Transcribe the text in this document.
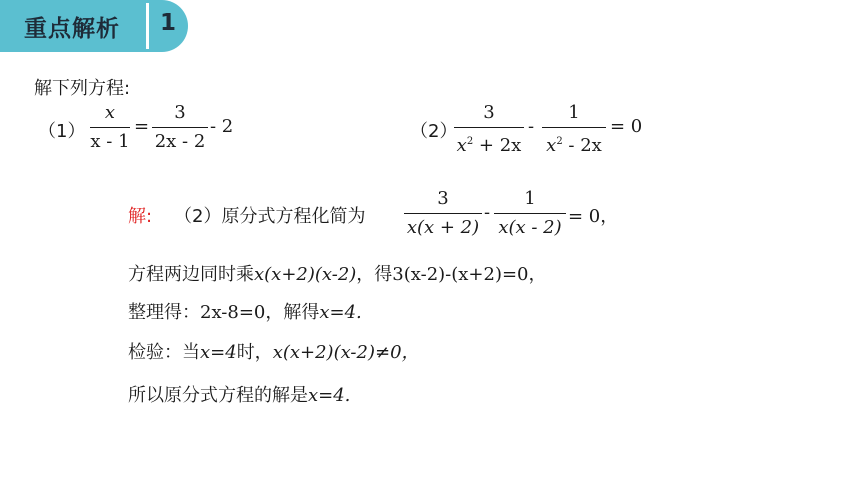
重点解析 1
解下列方程:
（1）
x
x - 1
=
3
2x - 2
- 2	（2）
3
$x^2 + 2x$
-
1
$x^2 - 2x$
= 0
解: （2）原分式方程化简为
3
x(x + 2)
-
1
x(x - 2)
= 0，
方程两边同时乘x(x+2)(x-2)，得3(x-2)-(x+2)=0，
整理得：2x-8=0，解得x=4.
检验：当x=4时，x(x+2)(x-2)≠0，
所以原分式方程的解是x=4.
